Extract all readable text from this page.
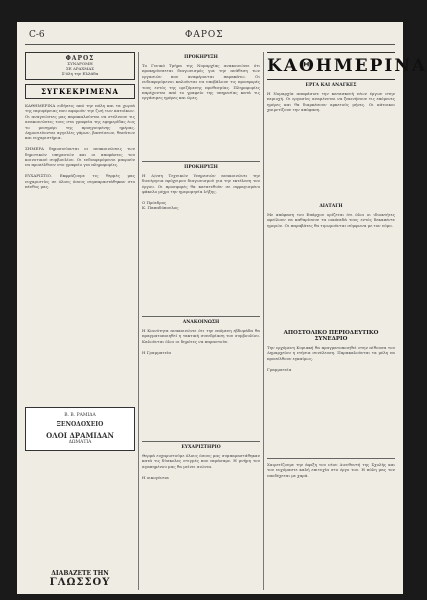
C-6	ΦΑΡΟΣ
ΦΑΡΟΣ
ΣΥΝΔΡΟΜΗ
ΣΕ ΔΡΑΧΜΑΣ
Σ'όλη την Ελλάδα
ΣΥΓΚΕΚΡΙΜΕΝΑ
ΚΑΘΗΜΕΡΙΝΑ ειδήσεις από την πόλη και τα χωριά της περιφέρειας που αφορούν την ζωή των κατοίκων. Οι αναγνώστες μας παρακαλούνται να στέλνουν τις ανακοινώσεις τους στα γραφεία της εφημερίδας έως το μεσημέρι της προηγουμένης ημέρας. Δημοσιεύονται αγγελίες γάμων, βαπτίσεων, θανάτων και ευχαριστήρια.

ΣΗΜΕΡΑ δημοσιεύονται οι ανακοινώσεις των δημοτικών υπηρεσιών και οι αποφάσεις του κοινοτικού συμβουλίου. Οι ενδιαφερόμενοι μπορούν να προσέλθουν στο γραφείο για πληροφορίες.

ΕΥΧΑΡΙΣΤΙΟ. Εκφράζουμε τις θερμές μας ευχαριστίες σε όλους όσους συμπαραστάθηκαν στο πένθος μας.
Β. Β. ΡΑΜΙΔΑ
ΞΕΝΟΔΟΧΕΙΟ
ΟΛΟΙ ΔΡΑΜΙΔΑΝ
ΔΩΜΑΤΙΑ
ΔΙΑΒΑΖΕΤΕ ΤΗΝ
ΓΛΩΣΣΟΥ
ΠΡΟΚΗΡΥΞΗ
Το Γενικό Τμήμα της Νομαρχίας ανακοινώνει ότι προκηρύσσεται διαγωνισμός για την ανάθεση των εργασιών που αναφέρονται παρακάτω. Οι ενδιαφερόμενοι καλούνται να υποβάλουν τις προσφορές τους εντός της οριζόμενης προθεσμίας. Πληροφορίες παρέχονται από το γραφείο της υπηρεσίας κατά τις εργάσιμες ημέρες και ώρες.
ΠΡΟΚΗΡΥΞΗ
Η Δ/νση Τεχνικών Υπηρεσιών ανακοινώνει την διενέργεια πρόχειρου διαγωνισμού για την εκτέλεση του έργου. Οι προσφορές θα κατατεθούν σε σφραγισμένο φάκελο μέχρι την ημερομηνία λήξης.

Ο Πρόεδρος
Κ. Παπαδόπουλος
ΑΝΑΚΟΙΝΩΣΗ
Η Κοινότητα ανακοινώνει ότι την επόμενη εβδομάδα θα πραγματοποιηθεί η τακτική συνεδρίαση του συμβουλίου. Καλούνται όλοι οι δημότες να παραστούν.

Η Γραμματεία
ΕΥΧΑΡΙΣΤΗΡΙΟ
Θερμά ευχαριστούμε όλους όσους μας συμπαραστάθηκαν κατά τις δύσκολες στιγμές που περάσαμε. Η μνήμη του αγαπημένου μας θα μείνει αιώνια.

Η οικογένεια
ΚΑΘΗΜΕΡΙΝΑ
ΕΡΓΑ ΚΑΙ ΑΝΑΓΚΕΣ
Η Νομαρχία αποφάσισε την κατασκευή νέων έργων στην περιοχή. Οι εργασίες αναμένεται να ξεκινήσουν τις επόμενες ημέρες και θα διαρκέσουν αρκετούς μήνες. Οι κάτοικοι χαιρετίζουν την απόφαση.
ΔΙΑΤΑΓΗ
Με απόφαση του Επάρχου ορίζεται ότι όλοι οι ιδιοκτήτες οφείλουν να καθαρίσουν τα οικόπεδά τους εντός δεκαπέντε ημερών. Οι παραβάτες θα τιμωρούνται σύμφωνα με τον νόμο.
ΑΠΟΣΤΟΛΙΚΟ ΠΕΡΙΟΔΕΥΤΙΚΟ ΣΥΝΕΔΡΙΟ
Την ερχόμενη Κυριακή θα πραγματοποιηθεί στην αίθουσα του Δημαρχείου η ετήσια συνέλευση. Παρακαλούνται τα μέλη να προσέλθουν εγκαίρως.

Γραμματεία
Χαιρετίζουμε την άφιξη του νέου Διευθυντή της Σχολής και του ευχόμαστε καλή επιτυχία στο έργο του. Η πόλη μας τον υποδέχεται με χαρά.
